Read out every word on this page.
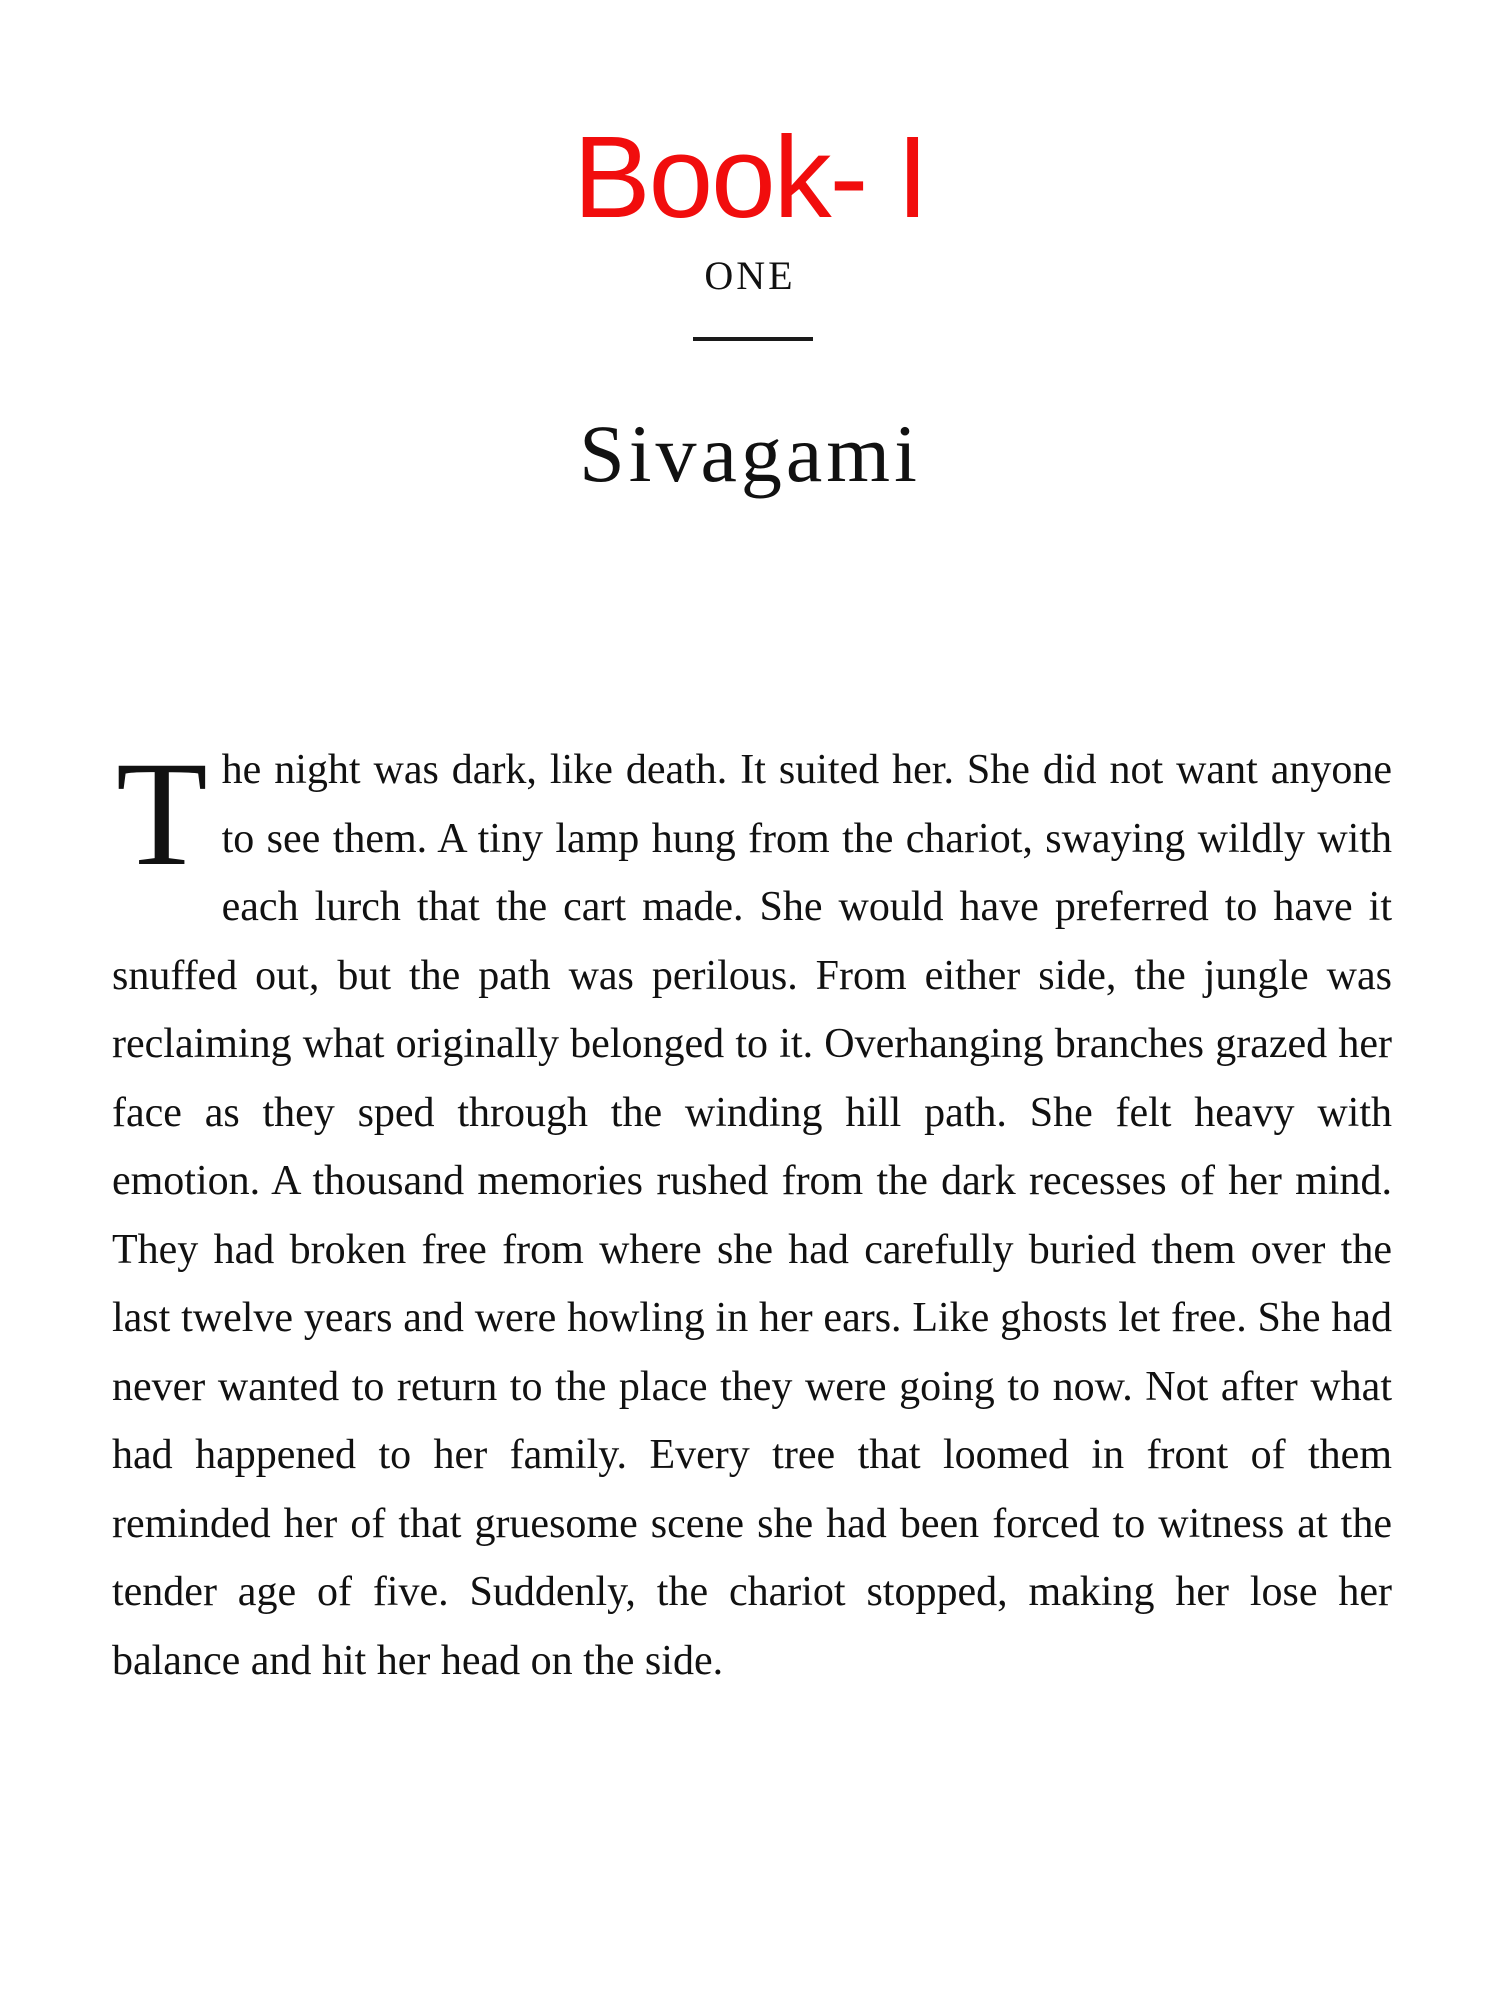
Book- I
ONE
Sivagami

The night was dark, like death. It suited her. She did not want anyone to see them. A tiny lamp hung from the chariot, swaying wildly with each lurch that the cart made. She would have preferred to have it snuffed out, but the path was perilous. From either side, the jungle was reclaiming what originally belonged to it. Overhanging branches grazed her face as they sped through the winding hill path. She felt heavy with emotion. A thousand memories rushed from the dark recesses of her mind. They had broken free from where she had carefully buried them over the last twelve years and were howling in her ears. Like ghosts let free. She had never wanted to return to the place they were going to now. Not after what had happened to her family. Every tree that loomed in front of them reminded her of that gruesome scene she had been forced to witness at the tender age of five. Suddenly, the chariot stopped, making her lose her balance and hit her head on the side.
